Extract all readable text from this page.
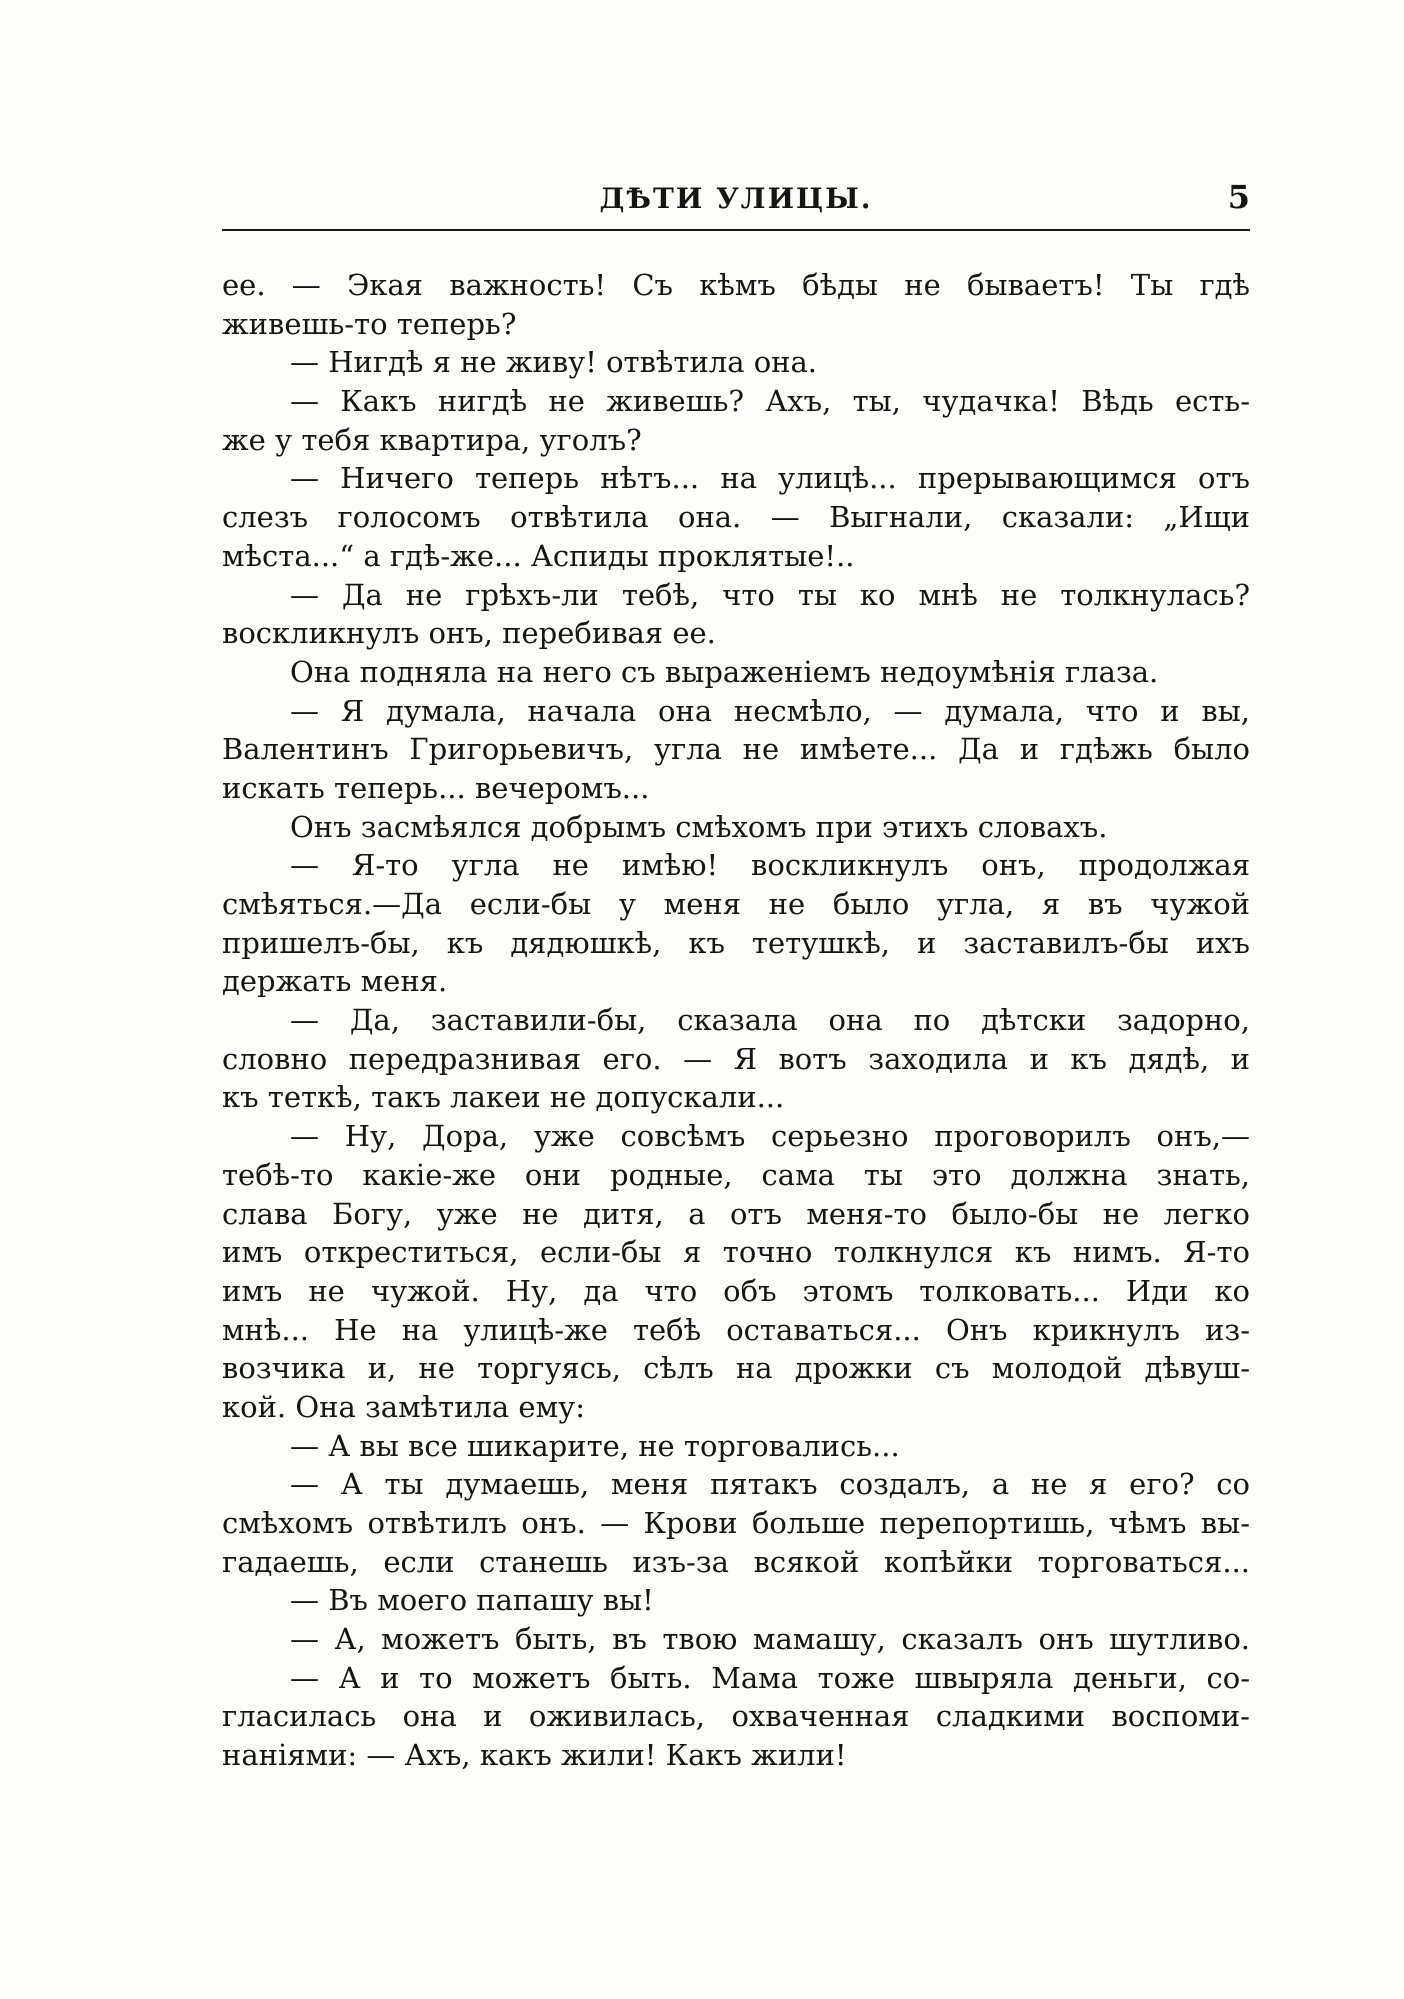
ДѢТИ УЛИЦЫ.	5
ее. — Экая важность! Съ кѣмъ бѣды не бываетъ! Ты гдѣ
живешь-то теперь?
— Нигдѣ я не живу! отвѣтила она.
— Какъ нигдѣ не живешь? Ахъ, ты, чудачка! Вѣдь есть-
же у тебя квартира, уголъ?
— Ничего теперь нѣтъ... на улицѣ... прерывающимся отъ
слезъ голосомъ отвѣтила она. — Выгнали, сказали: „Ищи
мѣста...“ а гдѣ-же... Аспиды проклятые!..
— Да не грѣхъ-ли тебѣ, что ты ко мнѣ не толкнулась?
воскликнулъ онъ, перебивая ее.
Она подняла на него съ выраженіемъ недоумѣнія глаза.
— Я думала, начала она несмѣло, — думала, что и вы,
Валентинъ Григорьевичъ, угла не имѣете... Да и гдѣжь было
искать теперь... вечеромъ...
Онъ засмѣялся добрымъ смѣхомъ при этихъ словахъ.
— Я-то угла не имѣю! воскликнулъ онъ, продолжая
смѣяться.—Да если-бы у меня не было угла, я въ чужой
пришелъ-бы, къ дядюшкѣ, къ тетушкѣ, и заставилъ-бы ихъ
держать меня.
— Да, заставили-бы, сказала она по дѣтски задорно,
словно передразнивая его. — Я вотъ заходила и къ дядѣ, и
къ теткѣ, такъ лакеи не допускали...
— Ну, Дора, уже совсѣмъ серьезно проговорилъ онъ,—
тебѣ-то какіе-же они родные, сама ты это должна знать,
слава Богу, уже не дитя, а отъ меня-то было-бы не легко
имъ откреститься, если-бы я точно толкнулся къ нимъ. Я-то
имъ не чужой. Ну, да что объ этомъ толковать... Иди ко
мнѣ... Не на улицѣ-же тебѣ оставаться... Онъ крикнулъ из-
возчика и, не торгуясь, сѣлъ на дрожки съ молодой дѣвуш-
кой. Она замѣтила ему:
— А вы все шикарите, не торговались...
— А ты думаешь, меня пятакъ создалъ, а не я его? со
смѣхомъ отвѣтилъ онъ. — Крови больше перепортишь, чѣмъ вы-
гадаешь, если станешь изъ-за всякой копѣйки торговаться...
— Въ моего папашу вы!
— А, можетъ быть, въ твою мамашу, сказалъ онъ шутливо.
— А и то можетъ быть. Мама тоже швыряла деньги, со-
гласилась она и оживилась, охваченная сладкими воспоми-
наніями: — Ахъ, какъ жили! Какъ жили!
